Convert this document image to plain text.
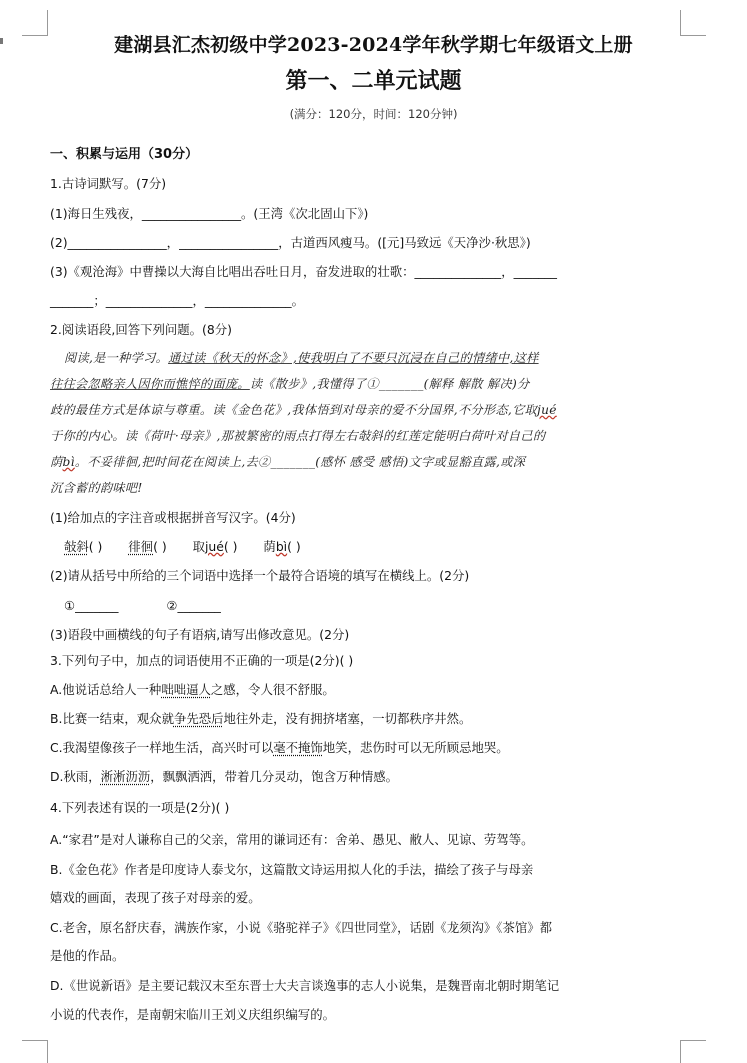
建湖县汇杰初级中学2023-2024学年秋学期七年级语文上册
第一、二单元试题
(满分：120分，时间：120分钟)
一、积累与运用（30分）
1.古诗词默写。(7分)
(1)海日生残夜，________________。(王湾《次北固山下》)
(2)________________，________________，古道西风瘦马。([元]马致远《天净沙·秋思》)
(3)《观沧海》中曹操以大海自比唱出吞吐日月，奋发进取的壮歌：______________，_______
_______；______________，______________。
2.阅读语段,回答下列问题。(8分)
阅读,是一种学习。通过读《秋天的怀念》,使我明白了不要只沉浸在自己的情绪中,这样
往往会忽略亲人因你而憔悴的面庞。读《散步》,我懂得了①_______(解释 解散 解决)分
歧的最佳方式是体谅与尊重。读《金色花》,我体悟到对母亲的爱不分国界,不分形态,它取jué
于你的内心。读《荷叶·母亲》,那被繁密的雨点打得左右敧斜的红莲定能明白荷叶对自己的
荫bì。不妥徘徊,把时间花在阅读上,去②_______(感怀 感受 感悟)文字或显豁直露,或深
沉含蓄的韵味吧!
(1)给加点的字注音或根据拼音写汉字。(4分)
敧斜( ) 徘徊( ) 取jué( ) 荫bì( )
(2)请从括号中所给的三个词语中选择一个最符合语境的填写在横线上。(2分)
①_______	②_______
(3)语段中画横线的句子有语病,请写出修改意见。(2分)
3.下列句子中，加点的词语使用不正确的一项是(2分)( )
A.他说话总给人一种咄咄逼人之感，令人很不舒服。
B.比赛一结束，观众就争先恐后地往外走，没有拥挤堵塞，一切都秩序井然。
C.我渴望像孩子一样地生活，高兴时可以毫不掩饰地笑，悲伤时可以无所顾忌地哭。
D.秋雨，淅淅沥沥，飘飘洒洒，带着几分灵动，饱含万种情感。
4.下列表述有误的一项是(2分)( )
A.“家君”是对人谦称自己的父亲，常用的谦词还有：舍弟、愚见、敝人、见谅、劳驾等。
B.《金色花》作者是印度诗人泰戈尔，这篇散文诗运用拟人化的手法，描绘了孩子与母亲
嬉戏的画面，表现了孩子对母亲的爱。
C.老舍，原名舒庆春，满族作家，小说《骆驼祥子》《四世同堂》，话剧《龙须沟》《茶馆》都
是他的作品。
D.《世说新语》是主要记载汉末至东晋士大夫言谈逸事的志人小说集，是魏晋南北朝时期笔记
小说的代表作，是南朝宋临川王刘义庆组织编写的。
